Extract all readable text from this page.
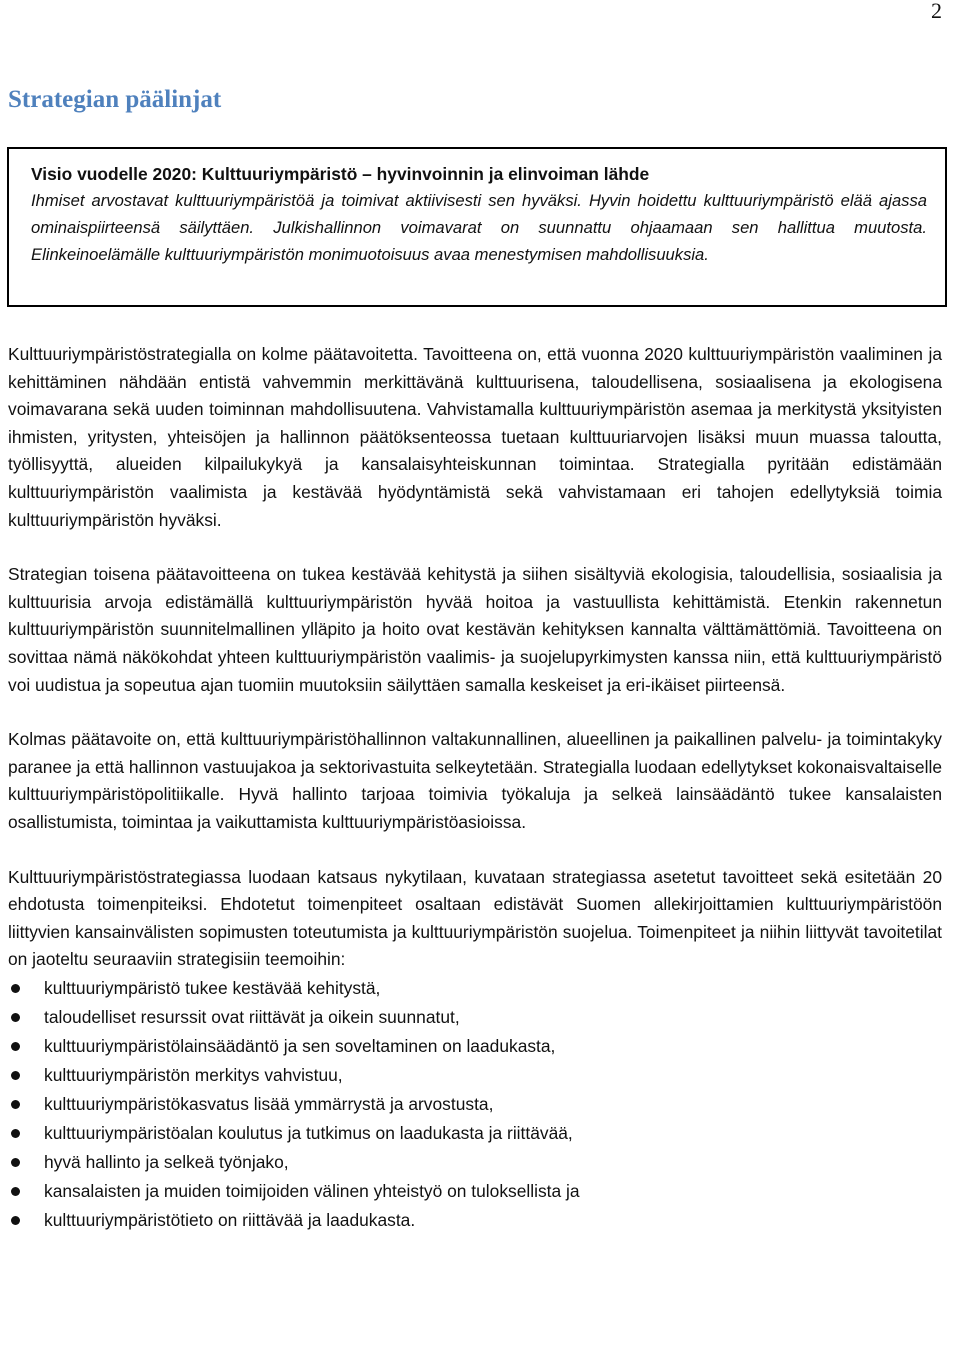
2
Strategian päälinjat
Visio vuodelle 2020: Kulttuuriympäristö – hyvinvoinnin ja elinvoiman lähde
Ihmiset arvostavat kulttuuriympäristöä ja toimivat aktiivisesti sen hyväksi. Hyvin hoidettu kulttuuriympäristö elää ajassa ominaispiirteensä säilyttäen. Julkishallinnon voimavarat on suunnattu ohjaamaan sen hallittua muutosta. Elinkeinoelämälle kulttuuriympäristön monimuotoisuus avaa menestymisen mahdollisuuksia.

Kulttuuriympäristöstrategialla on kolme päätavoitetta. Tavoitteena on, että vuonna 2020 kulttuuriympäristön vaaliminen ja kehittäminen nähdään entistä vahvemmin merkittävänä kulttuurisena, taloudellisena, sosiaalisena ja ekologisena voimavarana sekä uuden toiminnan mahdollisuutena. Vahvistamalla kulttuuriympäristön asemaa ja merkitystä yksityisten ihmisten, yritysten, yhteisöjen ja hallinnon päätöksenteossa tuetaan kulttuuriarvojen lisäksi muun muassa taloutta, työllisyyttä, alueiden kilpailukykyä ja kansalaisyhteiskunnan toimintaa. Strategialla pyritään edistämään kulttuuriympäristön vaalimista ja kestävää hyödyntämistä sekä vahvistamaan eri tahojen edellytyksiä toimia kulttuuriympäristön hyväksi.

Strategian toisena päätavoitteena on tukea kestävää kehitystä ja siihen sisältyviä ekologisia, taloudellisia, sosiaalisia ja kulttuurisia arvoja edistämällä kulttuuriympäristön hyvää hoitoa ja vastuullista kehittämistä. Etenkin rakennetun kulttuuriympäristön suunnitelmallinen ylläpito ja hoito ovat kestävän kehityksen kannalta välttämättömiä. Tavoitteena on sovittaa nämä näkökohdat yhteen kulttuuriympäristön vaalimis- ja suojelupyrkimysten kanssa niin, että kulttuuriympäristö voi uudistua ja sopeutua ajan tuomiin muutoksiin säilyttäen samalla keskeiset ja eri-ikäiset piirteensä.

Kolmas päätavoite on, että kulttuuriympäristöhallinnon valtakunnallinen, alueellinen ja paikallinen palvelu- ja toimintakyky paranee ja että hallinnon vastuujakoa ja sektorivastuita selkeytetään. Strategialla luodaan edellytykset kokonaisvaltaiselle kulttuuriympäristöpolitiikalle. Hyvä hallinto tarjoaa toimivia työkaluja ja selkeä lainsäädäntö tukee kansalaisten osallistumista, toimintaa ja vaikuttamista kulttuuriympäristöasioissa.

Kulttuuriympäristöstrategiassa luodaan katsaus nykytilaan, kuvataan strategiassa asetetut tavoitteet sekä esitetään 20 ehdotusta toimenpiteiksi. Ehdotetut toimenpiteet osaltaan edistävät Suomen allekirjoittamien kulttuuriympäristöön liittyvien kansainvälisten sopimusten toteutumista ja kulttuuriympäristön suojelua. Toimenpiteet ja niihin liittyvät tavoitetilat on jaoteltu seuraaviin strategisiin teemoihin:

kulttuuriympäristö tukee kestävää kehitystä,
taloudelliset resurssit ovat riittävät ja oikein suunnatut,
kulttuuriympäristölainsäädäntö ja sen soveltaminen on laadukasta,
kulttuuriympäristön merkitys vahvistuu,
kulttuuriympäristökasvatus lisää ymmärrystä ja arvostusta,
kulttuuriympäristöalan koulutus ja tutkimus on laadukasta ja riittävää,
hyvä hallinto ja selkeä työnjako,
kansalaisten ja muiden toimijoiden välinen yhteistyö on tuloksellista ja
kulttuuriympäristötieto on riittävää ja laadukasta.
